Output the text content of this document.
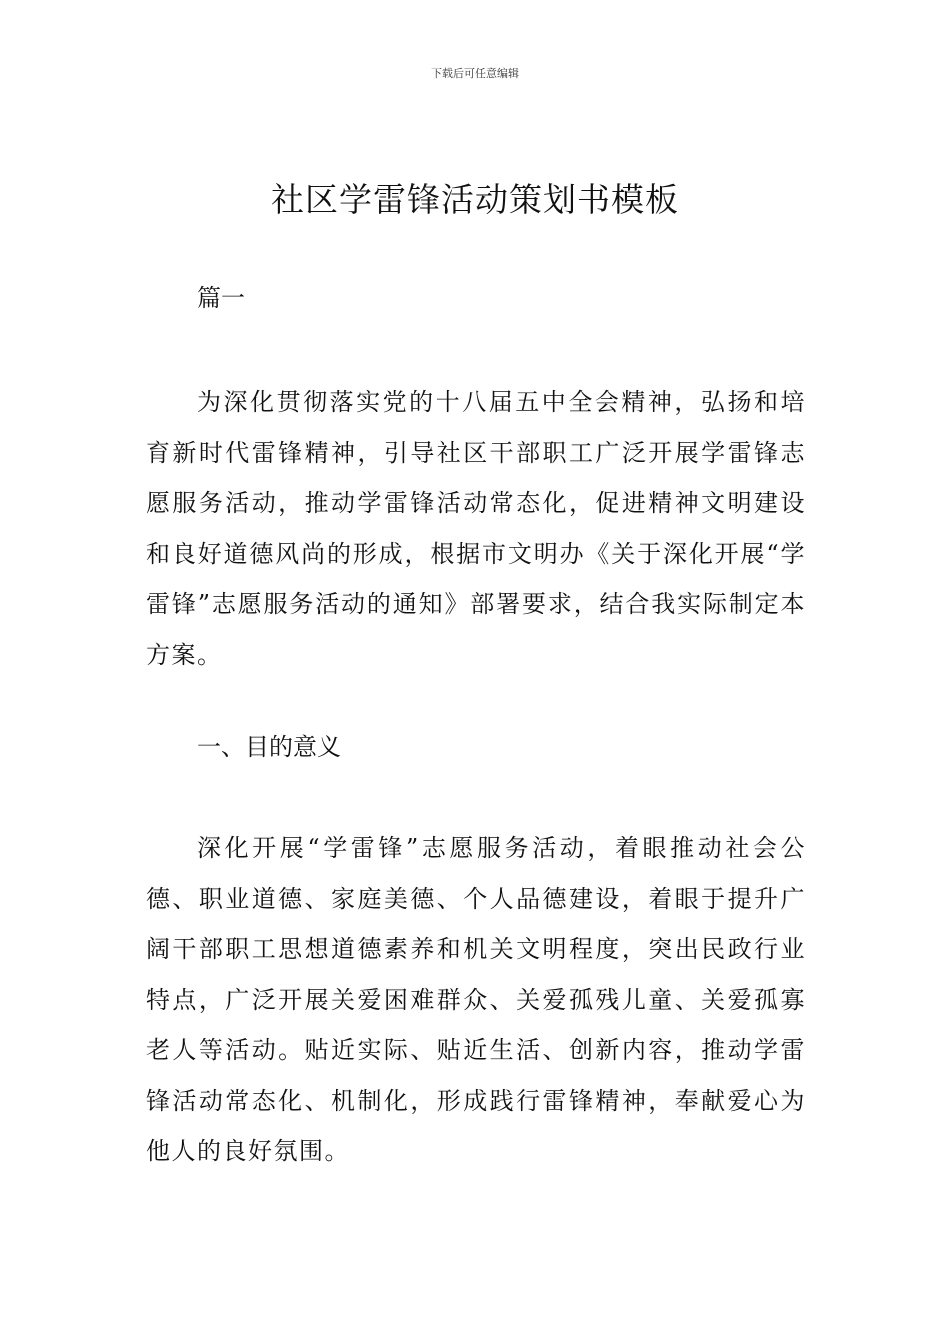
下载后可任意编辑
社区学雷锋活动策划书模板
篇一

为深化贯彻落实党的十八届五中全会精神，弘扬和培育新时代雷锋精神，引导社区干部职工广泛开展学雷锋志愿服务活动，推动学雷锋活动常态化，促进精神文明建设和良好道德风尚的形成，根据市文明办《关于深化开展“学雷锋”志愿服务活动的通知》部署要求，结合我实际制定本方案。

一、目的意义

深化开展“学雷锋”志愿服务活动，着眼推动社会公德、职业道德、家庭美德、个人品德建设，着眼于提升广阔干部职工思想道德素养和机关文明程度，突出民政行业特点，广泛开展关爱困难群众、关爱孤残儿童、关爱孤寡老人等活动。贴近实际、贴近生活、创新内容，推动学雷锋活动常态化、机制化，形成践行雷锋精神，奉献爱心为他人的良好氛围。
